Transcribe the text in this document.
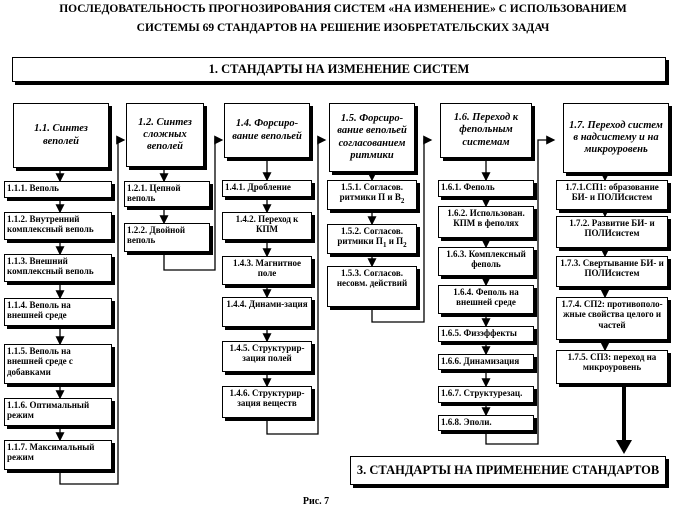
ПОСЛЕДОВАТЕЛЬНОСТЬ ПРОГНОЗИРОВАНИЯ СИСТЕМ «НА ИЗМЕНЕНИЕ» С ИСПОЛЬЗОВАНИЕМ
СИСТЕМЫ 69 СТАНДАРТОВ НА РЕШЕНИЕ ИЗОБРЕТАТЕЛЬСКИХ ЗАДАЧ
1. СТАНДАРТЫ НА ИЗМЕНЕНИЕ СИСТЕМ
1.1. Синтез веполей
1.1.1. Веполь
1.1.2. Внутренний комплексный веполь
1.1.3. Внешний комплексный веполь
1.1.4. Веполь на внешней среде
1.1.5. Веполь на внешней среде с добавками
1.1.6. Оптимальный режим
1.1.7. Максимальный режим
1.2. Синтез сложных веполей
1.2.1. Цепной веполь
1.2.2. Двойной веполь
1.4. Форсиро-вание вепольей
1.4.1. Дробление
1.4.2. Переход к КПМ
1.4.3. Магнитное поле
1.4.4. Динами-зация
1.4.5. Структурир-зация полей
1.4.6. Структурир-зация веществ
1.5. Форсиро-вание вепольей согласованием ритмики
1.5.1. Согласов. ритмики П и $В_2$
1.5.2. Согласов. ритмики $П_1$ и $П_2$
1.5.3. Согласов. несовм. действий
1.6. Переход к фепольным системам
1.6.1. Феполь
1.6.2. Использован. КПМ в феполях
1.6.3. Комплексный феполь
1.6.4. Феполь на внешней среде
1.6.5. Физэффекты
1.6.6. Динамизация
1.6.7. Структурезац.
1.6.8. Эполи.
1.7. Переход систем в надсистему и на микроуровень
1.7.1.СП1: образование БИ- и ПОЛИсистем
1.7.2. Развитие БИ- и ПОЛИсистем
1.7.3. Свертывание БИ- и ПОЛИсистем
1.7.4. СП2: противополо-жные свойства целого и частей
1.7.5. СП3: переход на микроуровень
3. СТАНДАРТЫ НА ПРИМЕНЕНИЕ СТАНДАРТОВ
Рис. 7
